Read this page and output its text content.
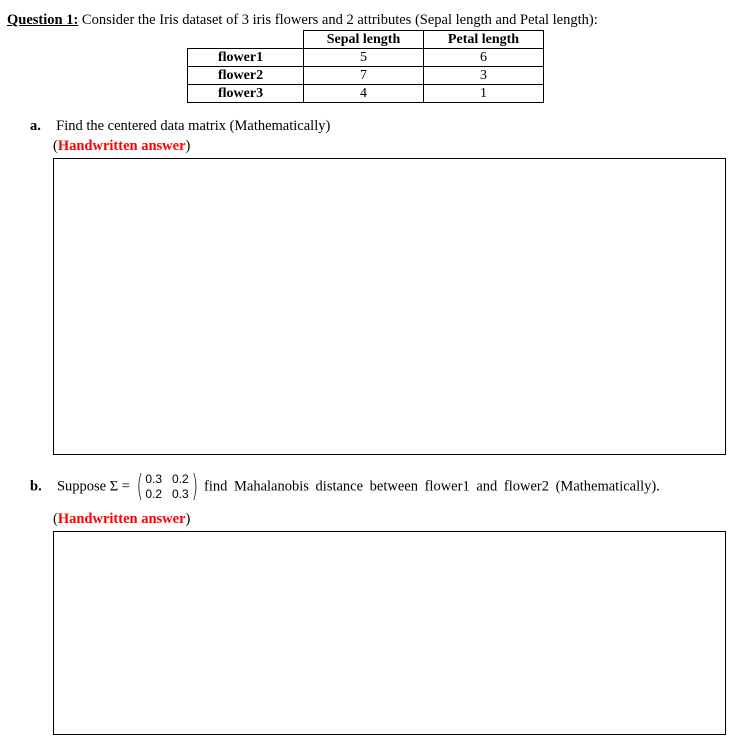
Question 1: Consider the Iris dataset of 3 iris flowers and 2 attributes (Sepal length and Petal length):
	Sepal length	Petal length
flower1	5	6
flower2	7	3
flower3	4	1
a. Find the centered data matrix (Mathematically)
(Handwritten answer)
b. Suppose Σ = ( 0.3 0.2
0.2 0.3 ) find Mahalanobis distance between flower1 and flower2 (Mathematically).
(Handwritten answer)
